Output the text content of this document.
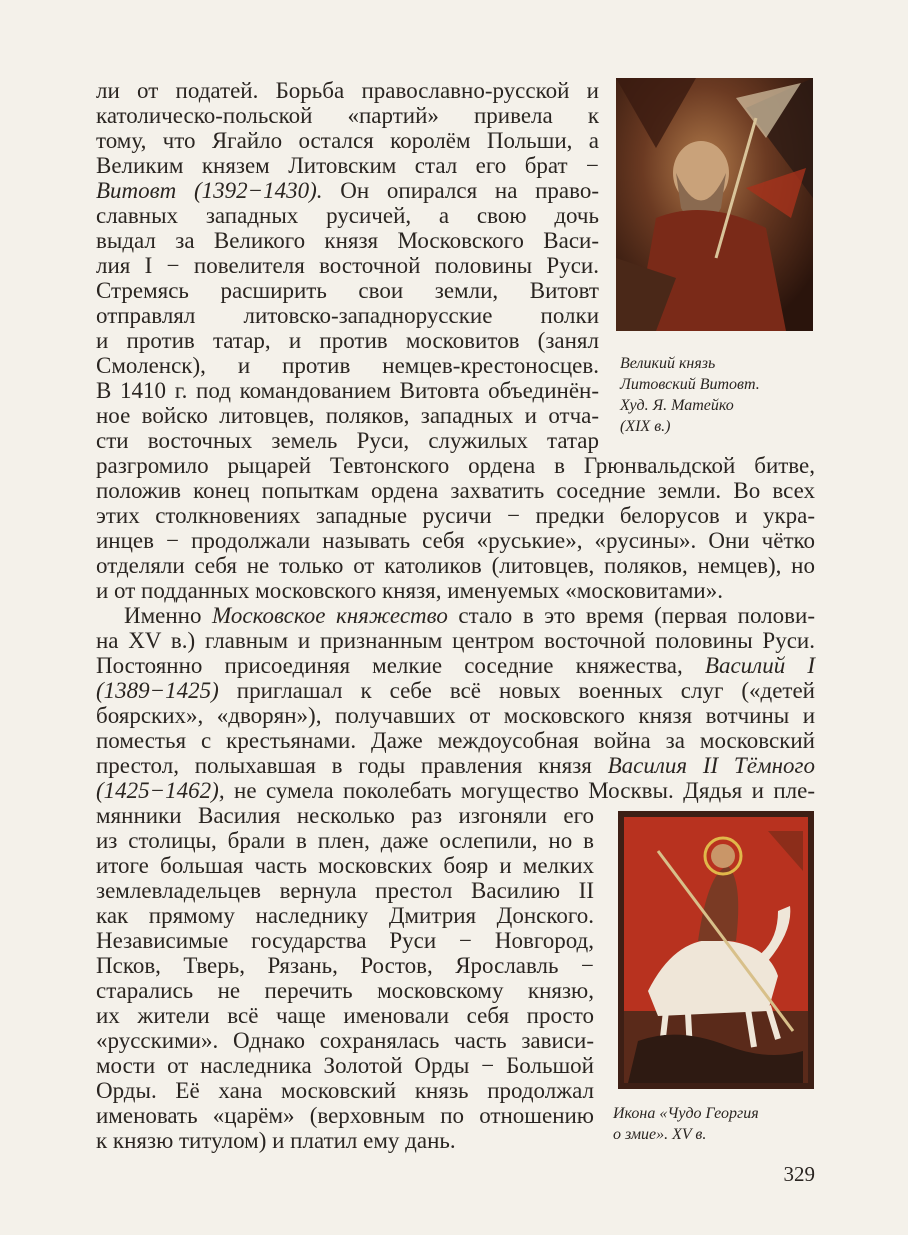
ли от податей. Борьба православно-русской и
католическо-польской «партий» привела к
тому, что Ягайло остался королём Польши, а
Великим князем Литовским стал его брат −
Витовт (1392−1430). Он опирался на право-
славных западных русичей, а свою дочь
выдал за Великого князя Московского Васи-
лия I − повелителя восточной половины Руси.
Стремясь расширить свои земли, Витовт
отправлял литовско-западнорусские полки
и против татар, и против московитов (занял
Смоленск), и против немцев-крестоносцев.
В 1410 г. под командованием Витовта объединён-
ное войско литовцев, поляков, западных и отча-
сти восточных земель Руси, служилых татар
разгромило рыцарей Тевтонского ордена в Грюнвальдской битве,
положив конец попыткам ордена захватить соседние земли. Во всех
этих столкновениях западные русичи − предки белорусов и укра-
инцев − продолжали называть себя «руськие», «русины». Они чётко
отделяли себя не только от католиков (литовцев, поляков, немцев), но
и от подданных московского князя, именуемых «московитами».
Именно Московское княжество стало в это время (первая полови-
на XV в.) главным и признанным центром восточной половины Руси.
Постоянно присоединяя мелкие соседние княжества, Василий I
(1389−1425) приглашал к себе всё новых военных слуг («детей
боярских», «дворян»), получавших от московского князя вотчины и
поместья с крестьянами. Даже междоусобная война за московский
престол, полыхавшая в годы правления князя Василия II Тёмного
(1425−1462), не сумела поколебать могущество Москвы. Дядья и пле-
мянники Василия несколько раз изгоняли его
из столицы, брали в плен, даже ослепили, но в
итоге большая часть московских бояр и мелких
землевладельцев вернула престол Василию II
как прямому наследнику Дмитрия Донского.
Независимые государства Руси − Новгород,
Псков, Тверь, Рязань, Ростов, Ярославль −
старались не перечить московскому князю,
их жители всё чаще именовали себя просто
«русскими». Однако сохранялась часть зависи-
мости от наследника Золотой Орды − Большой
Орды. Её хана московский князь продолжал
именовать «царём» (верховным по отношению
к князю титулом) и платил ему дань.
Великий князь
Литовский Витовт.
Худ. Я. Матейко
(XIX в.)
Икона «Чудо Георгия
о змие». XV в.
329
